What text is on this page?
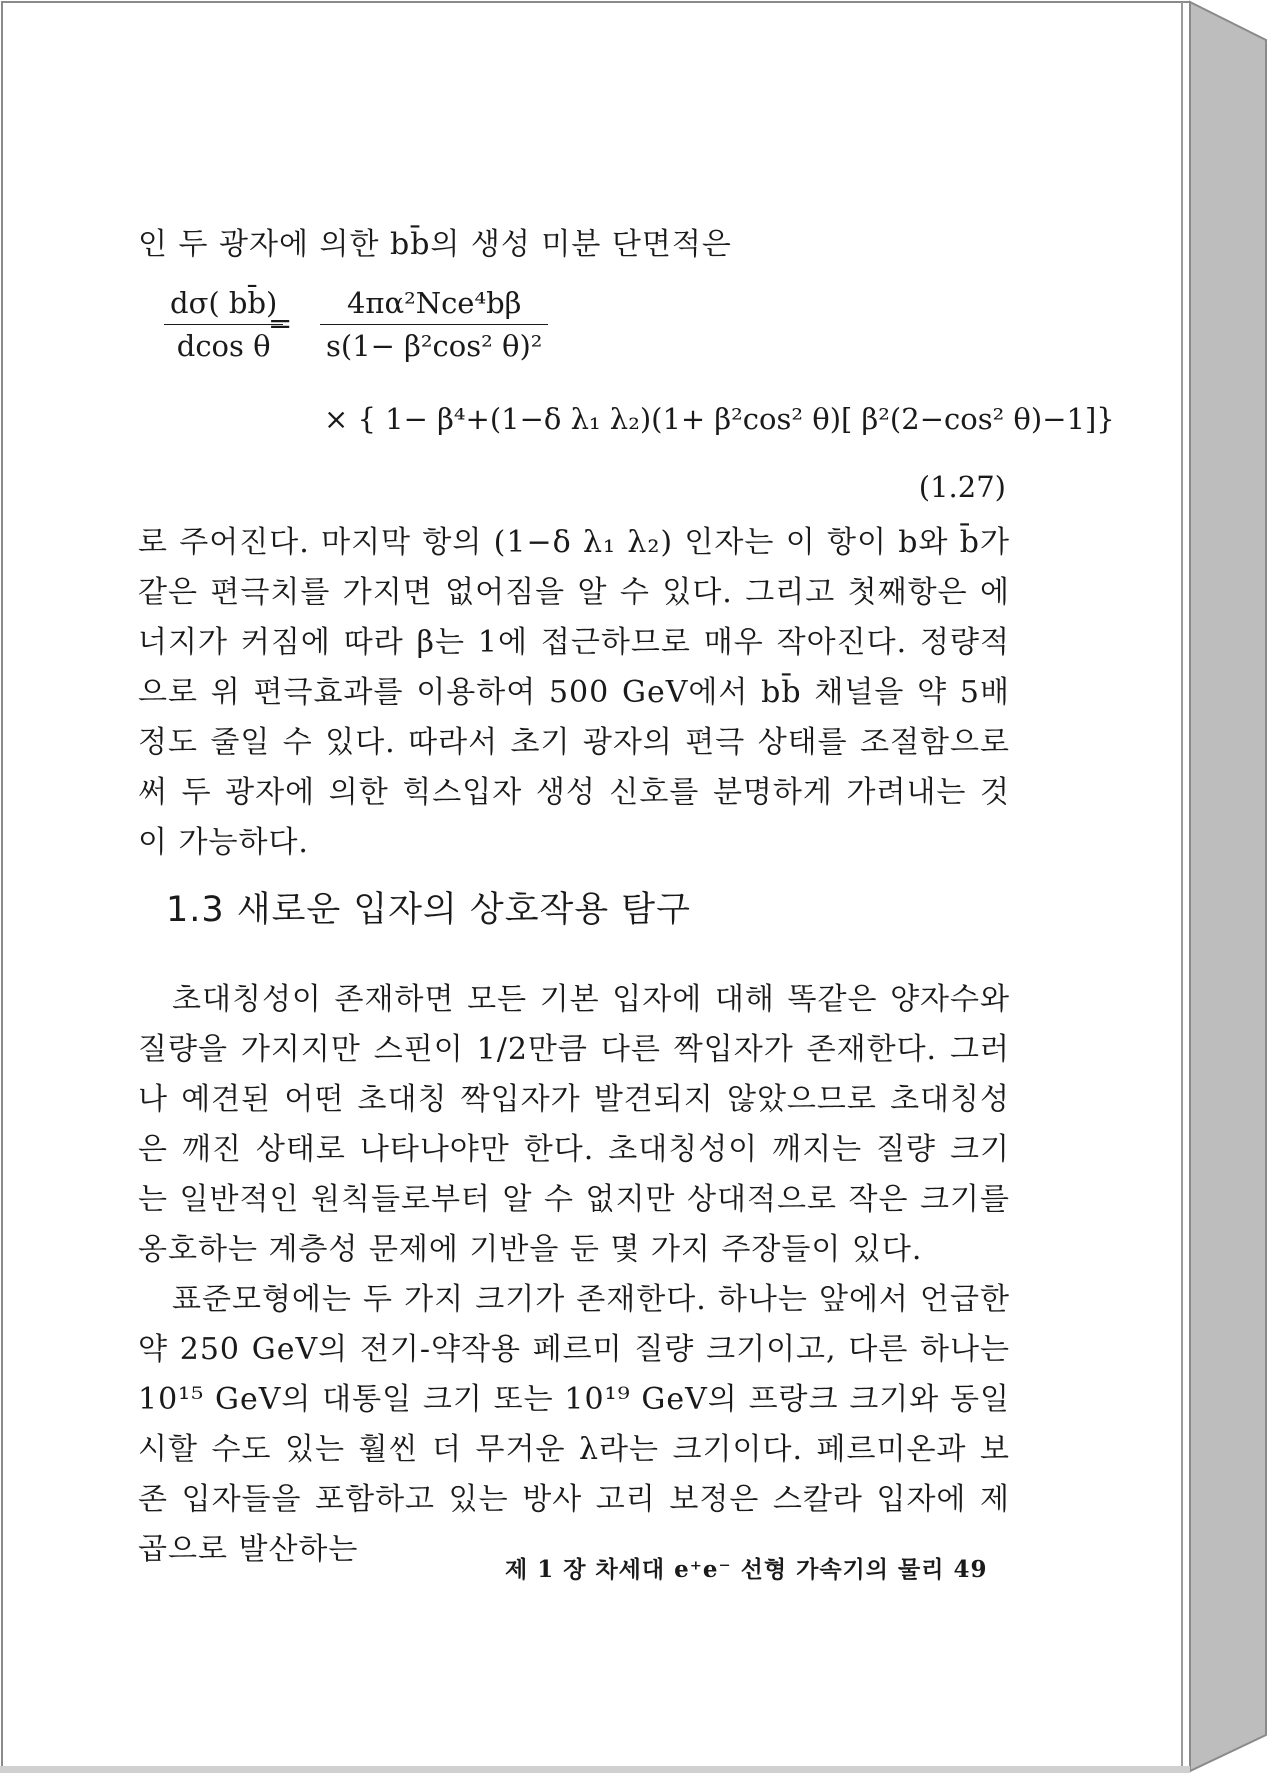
인 두 광자에 의한 bb̄의 생성 미분 단면적은

dσ( bb̄)
dcos θ
=
4πα²Nce⁴bβ
s(1− β²cos² θ)²
× { 1− β⁴+(1−δ λ₁ λ₂)(1+ β²cos² θ)[ β²(2−cos² θ)−1]}
(1.27)

로 주어진다. 마지막 항의 (1−δ λ₁ λ₂) 인자는 이 항이 b와 b̄가 같은 편극치를 가지면 없어짐을 알 수 있다. 그리고 첫째항은 에너지가 커짐에 따라 β는 1에 접근하므로 매우 작아진다. 정량적으로 위 편극효과를 이용하여 500 GeV에서 bb̄ 채널을 약 5배 정도 줄일 수 있다. 따라서 초기 광자의 편극 상태를 조절함으로써 두 광자에 의한 힉스입자 생성 신호를 분명하게 가려내는 것이 가능하다.

1.3 새로운 입자의 상호작용 탐구

초대칭성이 존재하면 모든 기본 입자에 대해 똑같은 양자수와 질량을 가지지만 스핀이 1/2만큼 다른 짝입자가 존재한다. 그러나 예견된 어떤 초대칭 짝입자가 발견되지 않았으므로 초대칭성은 깨진 상태로 나타나야만 한다. 초대칭성이 깨지는 질량 크기는 일반적인 원칙들로부터 알 수 없지만 상대적으로 작은 크기를 옹호하는 계층성 문제에 기반을 둔 몇 가지 주장들이 있다.

표준모형에는 두 가지 크기가 존재한다. 하나는 앞에서 언급한 약 250 GeV의 전기-약작용 페르미 질량 크기이고, 다른 하나는 10¹⁵ GeV의 대통일 크기 또는 10¹⁹ GeV의 프랑크 크기와 동일시할 수도 있는 훨씬 더 무거운 λ라는 크기이다. 페르미온과 보존 입자들을 포함하고 있는 방사 고리 보정은 스칼라 입자에 제곱으로 발산하는

제 1 장 차세대 e⁺e⁻ 선형 가속기의 물리 49
